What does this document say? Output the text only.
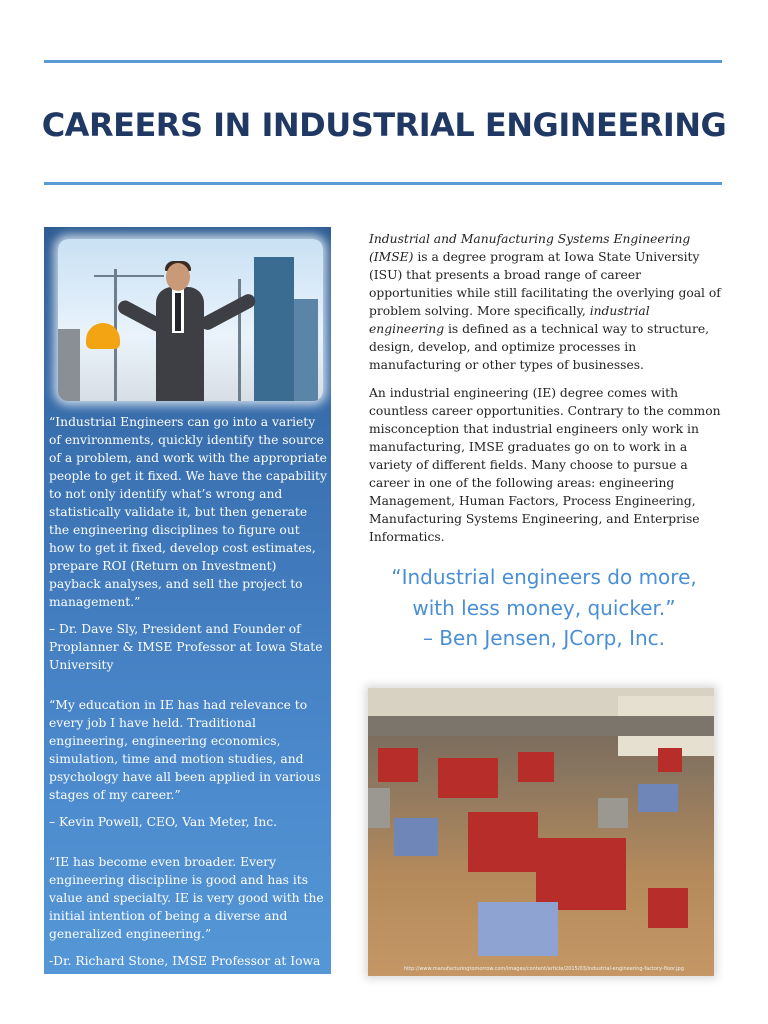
CAREERS IN INDUSTRIAL ENGINEERING

“Industrial Engineers can go into a variety of environments, quickly identify the source of a problem, and work with the appropriate people to get it fixed. We have the capability to not only identify what’s wrong and statistically validate it, but then generate the engineering disciplines to figure out how to get it fixed, develop cost estimates, prepare ROI (Return on Investment) payback analyses, and sell the project to management.”

– Dr. Dave Sly, President and Founder of Proplanner & IMSE Professor at Iowa State University

“My education in IE has had relevance to every job I have held. Traditional engineering, engineering economics, simulation, time and motion studies, and psychology have all been applied in various stages of my career.”

– Kevin Powell, CEO, Van Meter, Inc.

“IE has become even broader. Every engineering discipline is good and has its value and specialty. IE is very good with the initial intention of being a diverse and generalized engineering.”

-Dr. Richard Stone, IMSE Professor at Iowa State University

Industrial and Manufacturing Systems Engineering (IMSE) is a degree program at Iowa State University (ISU) that presents a broad range of career opportunities while still facilitating the overlying goal of problem solving. More specifically, industrial engineering is defined as a technical way to structure, design, develop, and optimize processes in manufacturing or other types of businesses.

An industrial engineering (IE) degree comes with countless career opportunities. Contrary to the common misconception that industrial engineers only work in manufacturing, IMSE graduates go on to work in a variety of different fields. Many choose to pursue a career in one of the following areas: engineering Management, Human Factors, Process Engineering, Manufacturing Systems Engineering, and Enterprise Informatics.

“Industrial engineers do more,
with less money, quicker.”
– Ben Jensen, JCorp, Inc.
http://www.manufacturingtomorrow.com/images/content/article/2015/03/industrial-engineering-factory-floor.jpg
